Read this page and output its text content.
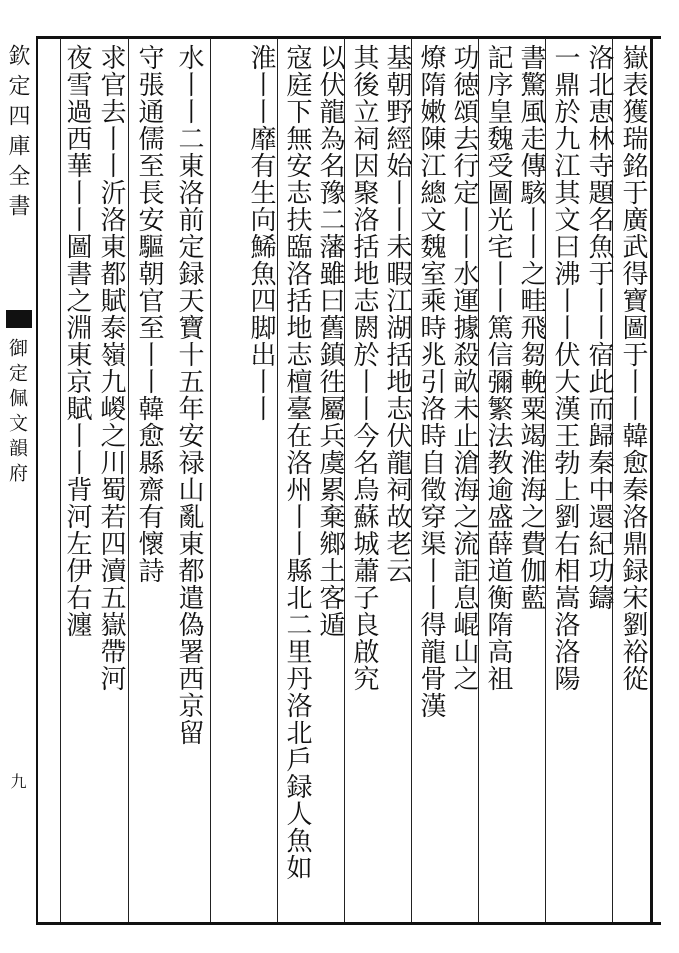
欽定四庫全書
御定佩文韻府
九
嶽表獲瑞銘于廣武得寶圖于丨丨韓愈秦洛鼎録宋劉裕從
洛北恵林寺題名魚于丨丨宿此而歸秦中還紀功鑄
一鼎於九江其文曰沸丨丨伏大漢王勃上劉右相嵩洛洛陽
書驚風走傳駭丨丨之畦飛芻輓粟竭淮海之費伽藍
記序皇魏受圖光宅丨丨篤信彌繁法教逾盛薛道衡隋高祖
功徳頌去行定丨丨水運據殺畝未止滄海之流詎息崐山之
燎隋嫩陳江總文魏室乘時兆引洛時自徵穿渠丨丨得龍骨漢
基朝野經始丨丨未暇江湖括地志伏龍祠故老云
其後立祠因聚洛括地志閼於丨丨今名烏蘇城蕭子良啟究
以伏龍為名豫二藩雖曰舊鎮徃屬兵虞累棄鄉土客遁
寇庭下無安志扶臨洛括地志檀臺在洛州丨丨縣北二里丹洛北戶録人魚如
淮丨丨靡有生向鯑魚四脚出丨丨
水丨丨二東洛前定録天寶十五年安禄山亂東都遣偽署西京留
守張通儒至長安驅朝官至丨丨韓愈縣齋有懷詩
求官去丨丨沂洛東都賦泰嶺九嵕之川蜀若四瀆五嶽帶河
夜雪過西華丨丨圖書之淵東京賦丨丨背河左伊右瀍
